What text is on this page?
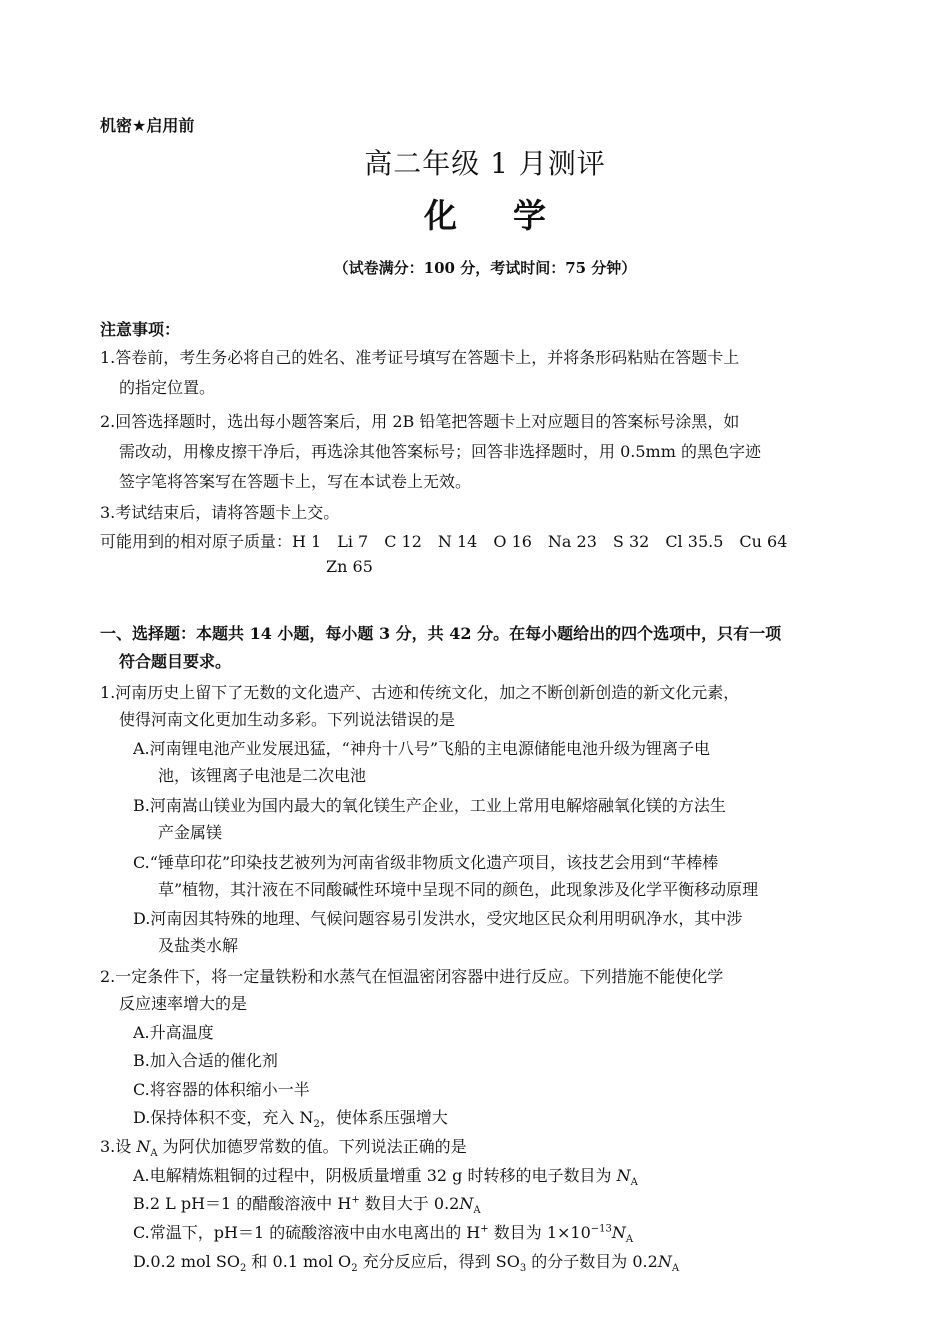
机密★启用前
高二年级 1 月测评
化学
（试卷满分：100 分，考试时间：75 分钟）
注意事项：
1.答卷前，考生务必将自己的姓名、准考证号填写在答题卡上，并将条形码粘贴在答题卡上
的指定位置。
2.回答选择题时，选出每小题答案后，用 2B 铅笔把答题卡上对应题目的答案标号涂黑，如
需改动，用橡皮擦干净后，再选涂其他答案标号；回答非选择题时，用 0.5mm 的黑色字迹
签字笔将答案写在答题卡上，写在本试卷上无效。
3.考试结束后，请将答题卡上交。
可能用到的相对原子质量：H 1　Li 7　C 12　N 14　O 16　Na 23　S 32　Cl 35.5　Cu 64
Zn 65
一、选择题：本题共 14 小题，每小题 3 分，共 42 分。在每小题给出的四个选项中，只有一项
符合题目要求。
1.河南历史上留下了无数的文化遗产、古迹和传统文化，加之不断创新创造的新文化元素，
使得河南文化更加生动多彩。下列说法错误的是
A.河南锂电池产业发展迅猛，“神舟十八号”飞船的主电源储能电池升级为锂离子电
池，该锂离子电池是二次电池
B.河南嵩山镁业为国内最大的氧化镁生产企业，工业上常用电解熔融氧化镁的方法生
产金属镁
C.“锤草印花”印染技艺被列为河南省级非物质文化遗产项目，该技艺会用到“芊棒棒
草”植物，其汁液在不同酸碱性环境中呈现不同的颜色，此现象涉及化学平衡移动原理
D.河南因其特殊的地理、气候问题容易引发洪水，受灾地区民众利用明矾净水，其中涉
及盐类水解
2.一定条件下，将一定量铁粉和水蒸气在恒温密闭容器中进行反应。下列措施不能使化学
反应速率增大的是
A.升高温度
B.加入合适的催化剂
C.将容器的体积缩小一半
D.保持体积不变，充入 $N_2$，使体系压强增大
3.设 $N_A$ 为阿伏加德罗常数的值。下列说法正确的是
A.电解精炼粗铜的过程中，阴极质量增重 32 g 时转移的电子数目为 $N_A$
B.2 L pH＝1 的醋酸溶液中 H+ 数目大于 $0.2N_A$
C.常温下，pH＝1 的硫酸溶液中由水电离出的 H+ 数目为 $1\times 10^{-13}N_A$
D.0.2 mol $SO_2$ 和 0.1 mol $O_2$ 充分反应后，得到 $SO_3$ 的分子数目为 $0.2N_A$
